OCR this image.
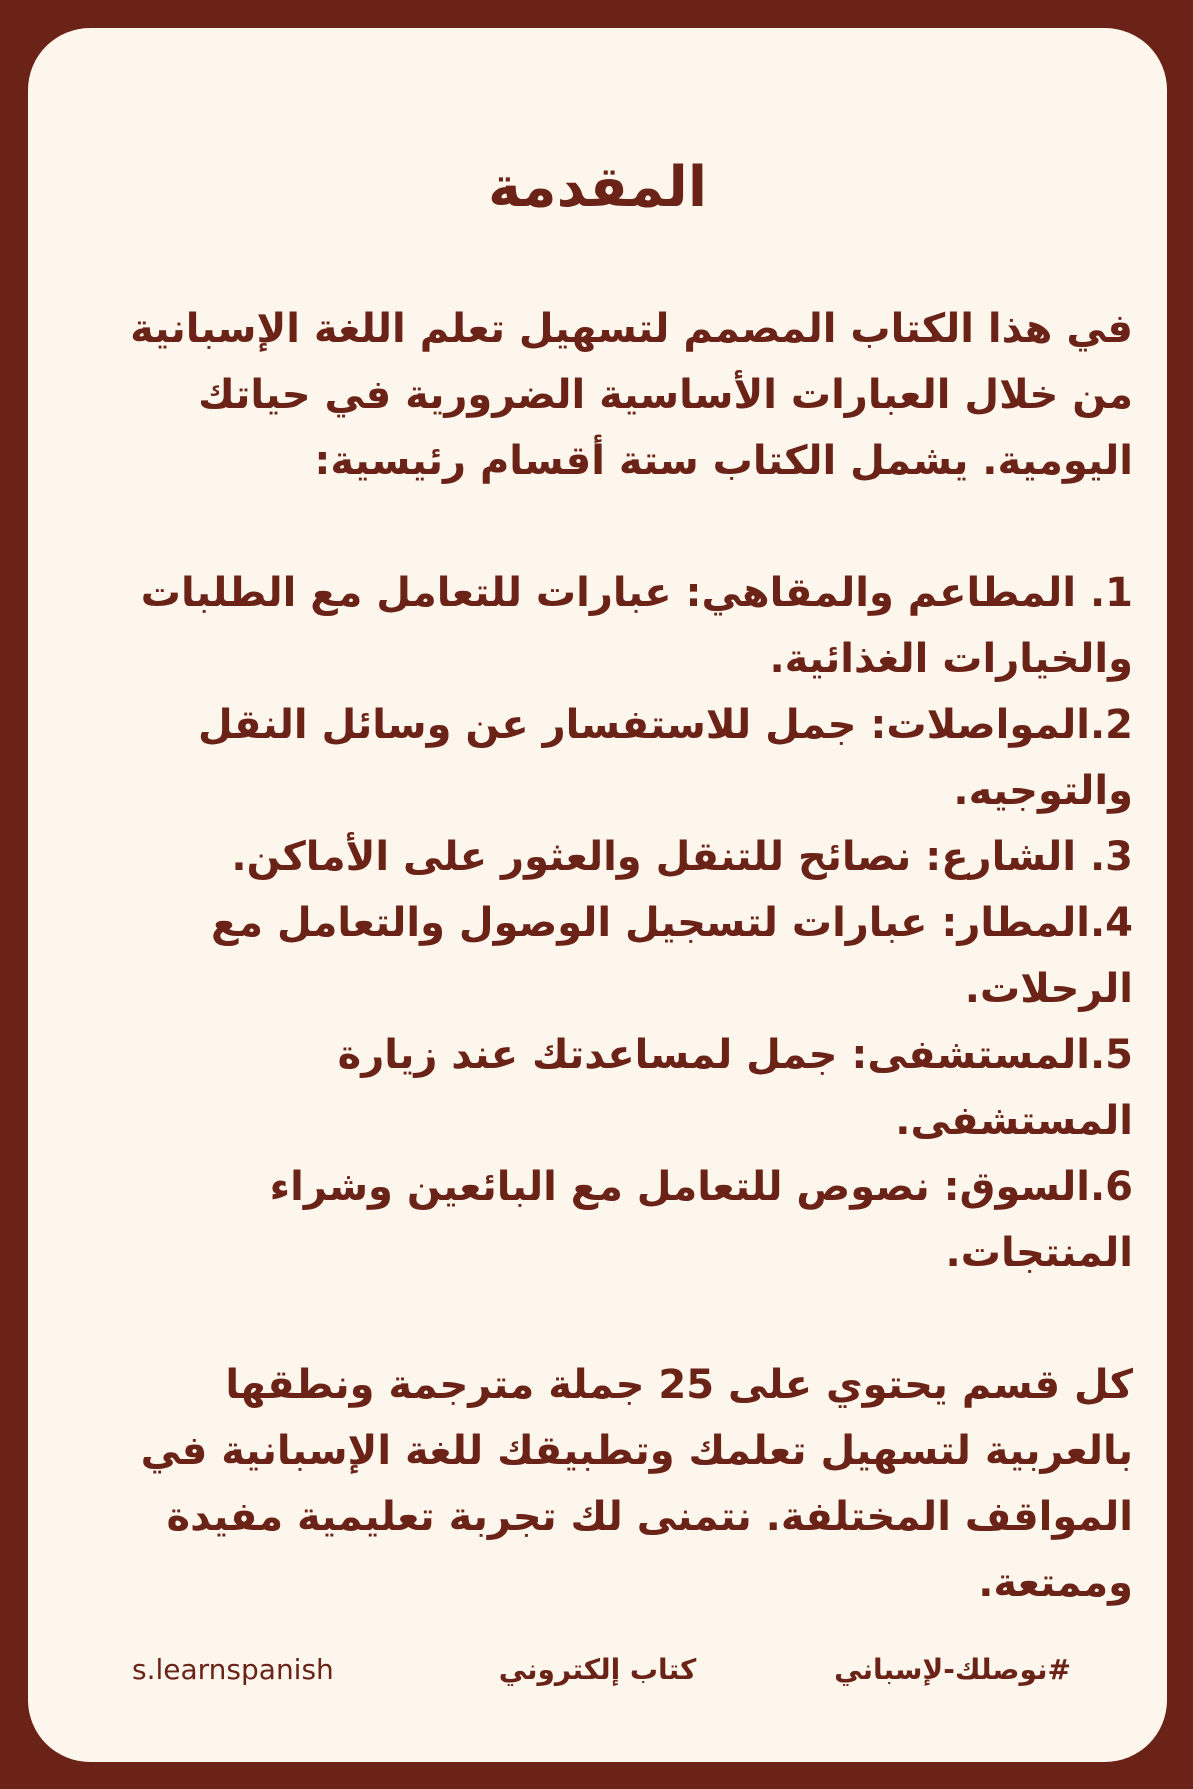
المقدمة

في هذا الكتاب المصمم لتسهيل تعلم اللغة الإسبانية من خلال العبارات الأساسية الضرورية في حياتك اليومية. يشمل الكتاب ستة أقسام رئيسية:

1. المطاعم والمقاهي: عبارات للتعامل مع الطلبات والخيارات الغذائية.
2.المواصلات: جمل للاستفسار عن وسائل النقل والتوجيه.
3. الشارع: نصائح للتنقل والعثور على الأماكن.
4.المطار: عبارات لتسجيل الوصول والتعامل مع الرحلات.
5.المستشفى: جمل لمساعدتك عند زيارة المستشفى.
6.السوق: نصوص للتعامل مع البائعين وشراء المنتجات.

كل قسم يحتوي على 25 جملة مترجمة ونطقها بالعربية لتسهيل تعلمك وتطبيقك للغة الإسبانية في المواقف المختلفة. نتمنى لك تجربة تعليمية مفيدة وممتعة.

s.learnspanish	كتاب إلكتروني	#نوصلك-لإسباني
